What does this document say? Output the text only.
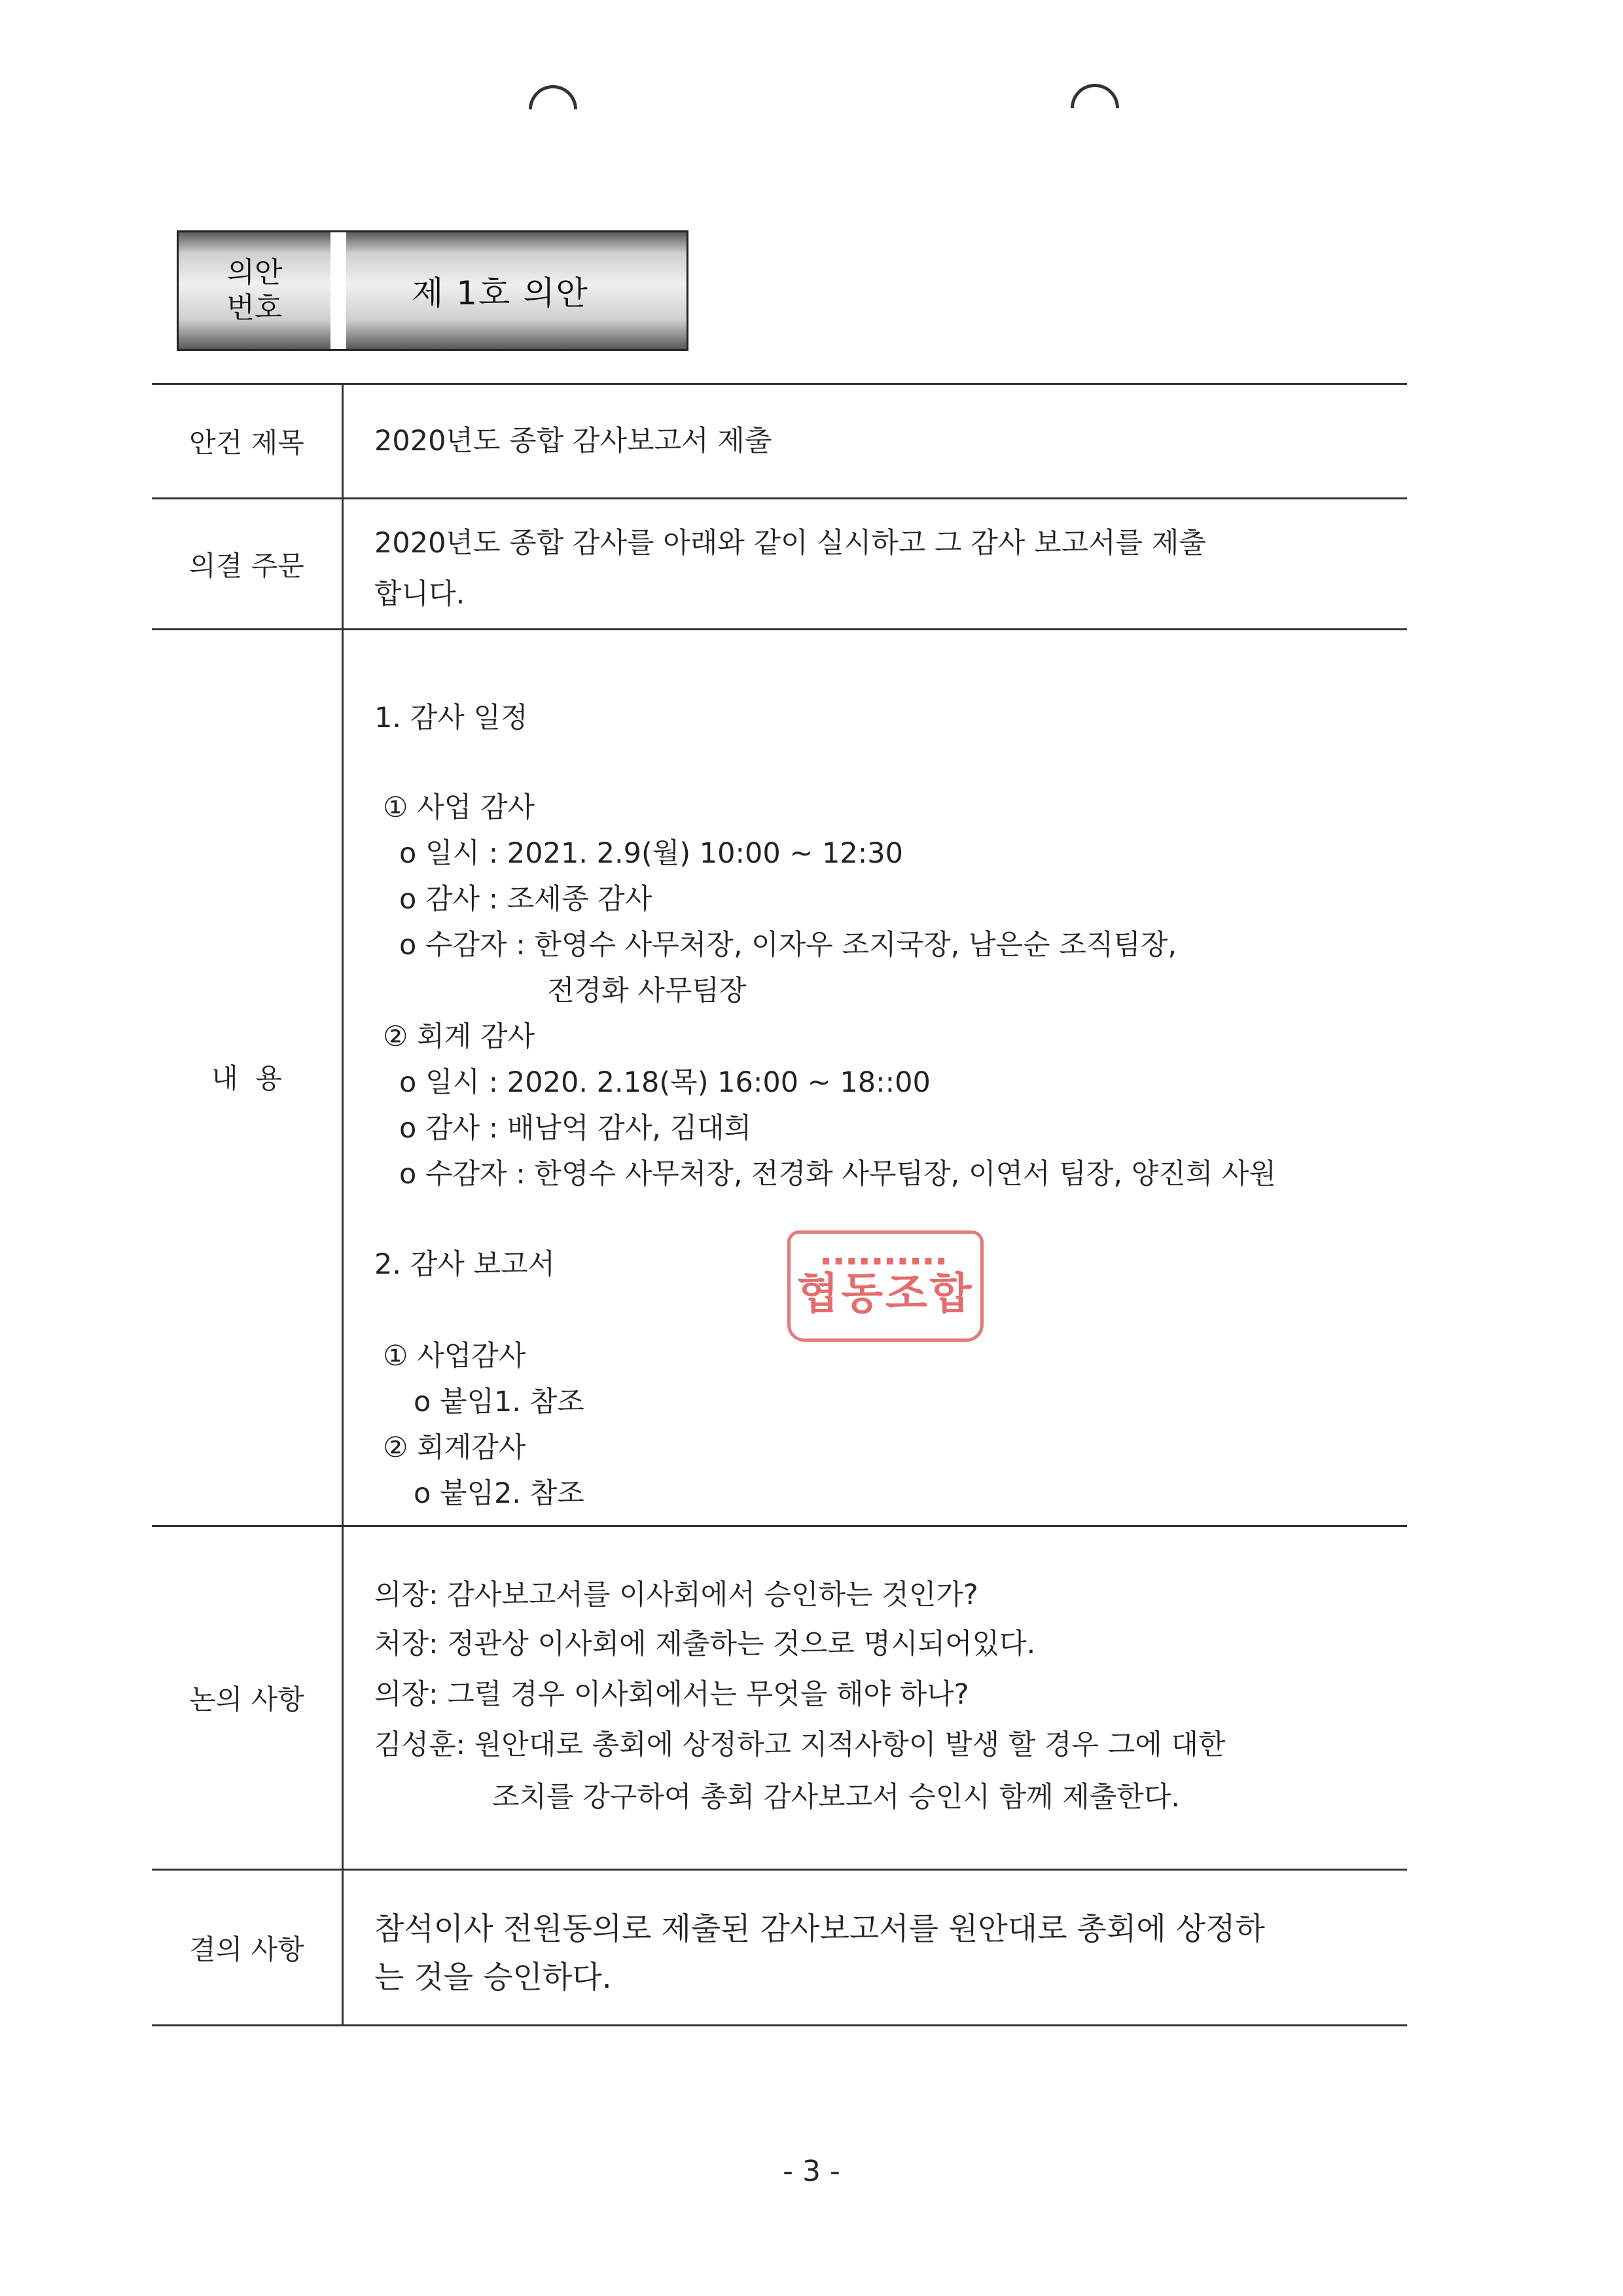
의안
번호	제 1호 의안
안건 제목	2020년도 종합 감사보고서 제출
의결 주문
2020년도 종합 감사를 아래와 같이 실시하고 그 감사 보고서를 제출
합니다.
내  용
1. 감사 일정
① 사업 감사
o 일시 : 2021. 2.9(월) 10:00 ~ 12:30
o 감사 : 조세종 감사
o 수감자 : 한영수 사무처장, 이자우 조지국장, 남은순 조직팀장,
전경화 사무팀장
② 회계 감사
o 일시 : 2020. 2.18(목) 16:00 ~ 18::00
o 감사 : 배남억 감사, 김대희
o 수감자 : 한영수 사무처장, 전경화 사무팀장, 이연서 팀장, 양진희 사원
2. 감사 보고서
① 사업감사
o 붙임1. 참조
② 회계감사
o 붙임2. 참조
▪▪▪▪▪▪▪▪▪▪
협동조합
논의 사항
의장: 감사보고서를 이사회에서 승인하는 것인가?
처장: 정관상 이사회에 제출하는 것으로 명시되어있다.
의장: 그럴 경우 이사회에서는 무엇을 해야 하나?
김성훈: 원안대로 총회에 상정하고 지적사항이 발생 할 경우 그에 대한
조치를 강구하여 총회 감사보고서 승인시 함께 제출한다.
결의 사항
참석이사 전원동의로 제출된 감사보고서를 원안대로 총회에 상정하
는 것을 승인하다.
- 3 -
